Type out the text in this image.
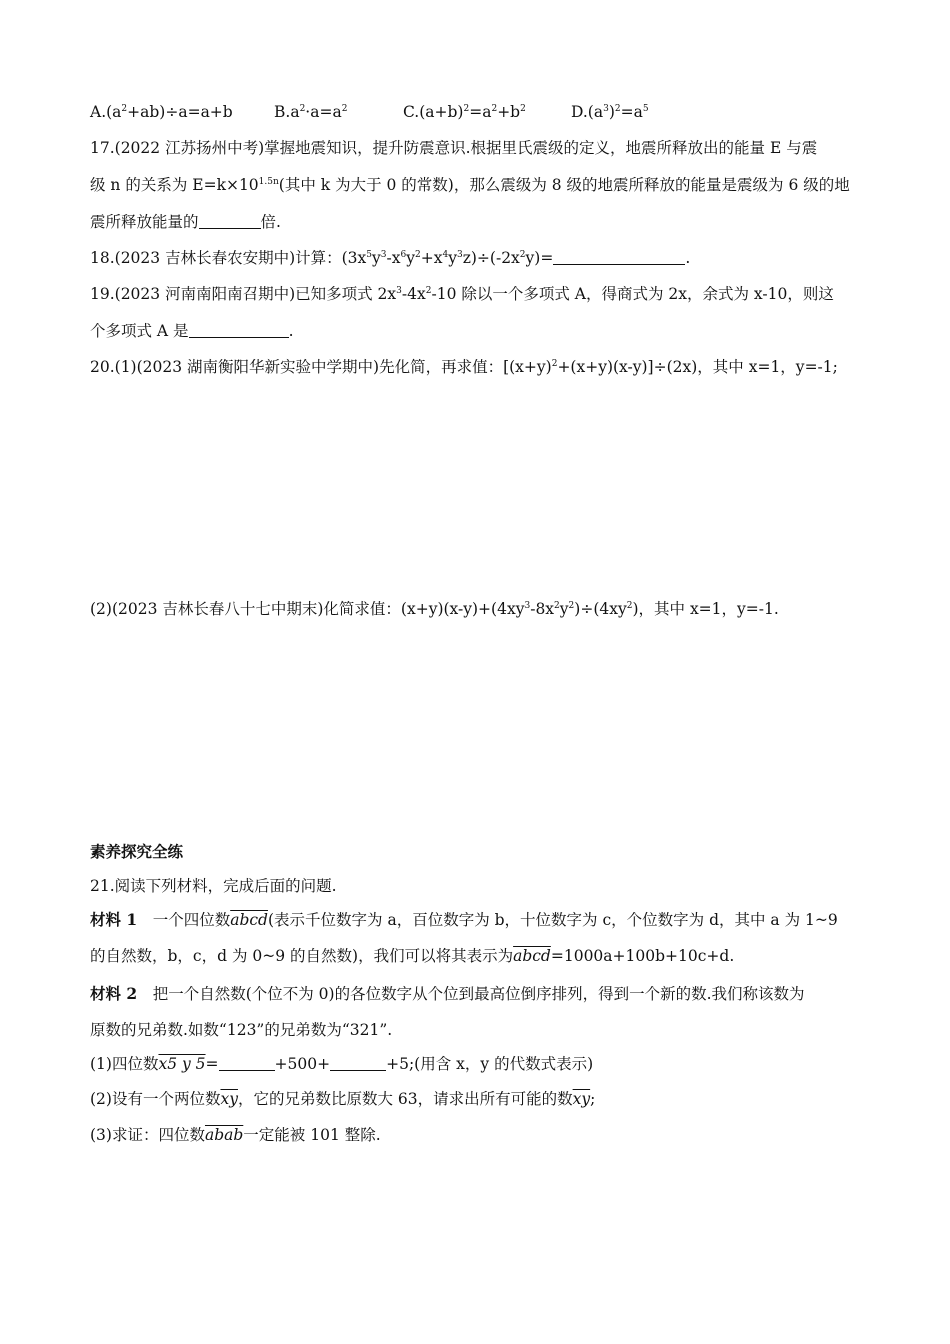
$A.(a^2+ab)\div a=a+b$	$B.a^2\cdot a=a^2$	$C.(a+b)^2=a^2+b^2$	$D.(a^3)^2=a^5$
17.(2022 江苏扬州中考)掌握地震知识，提升防震意识.根据里氏震级的定义，地震所释放出的能量 E 与震
级 n 的关系为 $E=k\times 10^{1.5n}$(其中 k 为大于 0 的常数)，那么震级为 8 级的地震所释放的能量是震级为 6 级的地
震所释放能量的	倍.
18.(2023 吉林长春农安期中)计算：$(3x^5y^3-x^6y^2+x^4y^3z)\div(-2x^2y)=$	.
19.(2023 河南南阳南召期中)已知多项式 $2x^3-4x^2-10$ 除以一个多项式 A，得商式为 2x，余式为 x-10，则这
个多项式 A 是	.
20.(1)(2023 湖南衡阳华新实验中学期中)先化简，再求值：$[(x+y)^2+(x+y)(x-y)]\div(2x)$，其中 x=1，y=-1;
(2)(2023 吉林长春八十七中期末)化简求值：$(x+y)(x-y)+(4xy^3-8x^2y^2)\div(4xy^2)$，其中 x=1，y=-1.
素养探究全练
21.阅读下列材料，完成后面的问题.
材料 1　一个四位数abcd(表示千位数字为 a，百位数字为 b，十位数字为 c，个位数字为 d，其中 a 为 1~9
的自然数，b，c，d 为 0~9 的自然数)，我们可以将其表示为abcd=1000a+100b+10c+d.
材料 2　把一个自然数(个位不为 0)的各位数字从个位到最高位倒序排列，得到一个新的数.我们称该数为
原数的兄弟数.如数“123”的兄弟数为“321”.
(1)四位数x5 y 5=	+500+	+5;(用含 x，y 的代数式表示)
(2)设有一个两位数$\overline{xy}$，它的兄弟数比原数大 63，请求出所有可能的数$\overline{xy}$;
(3)求证：四位数abab一定能被 101 整除.
